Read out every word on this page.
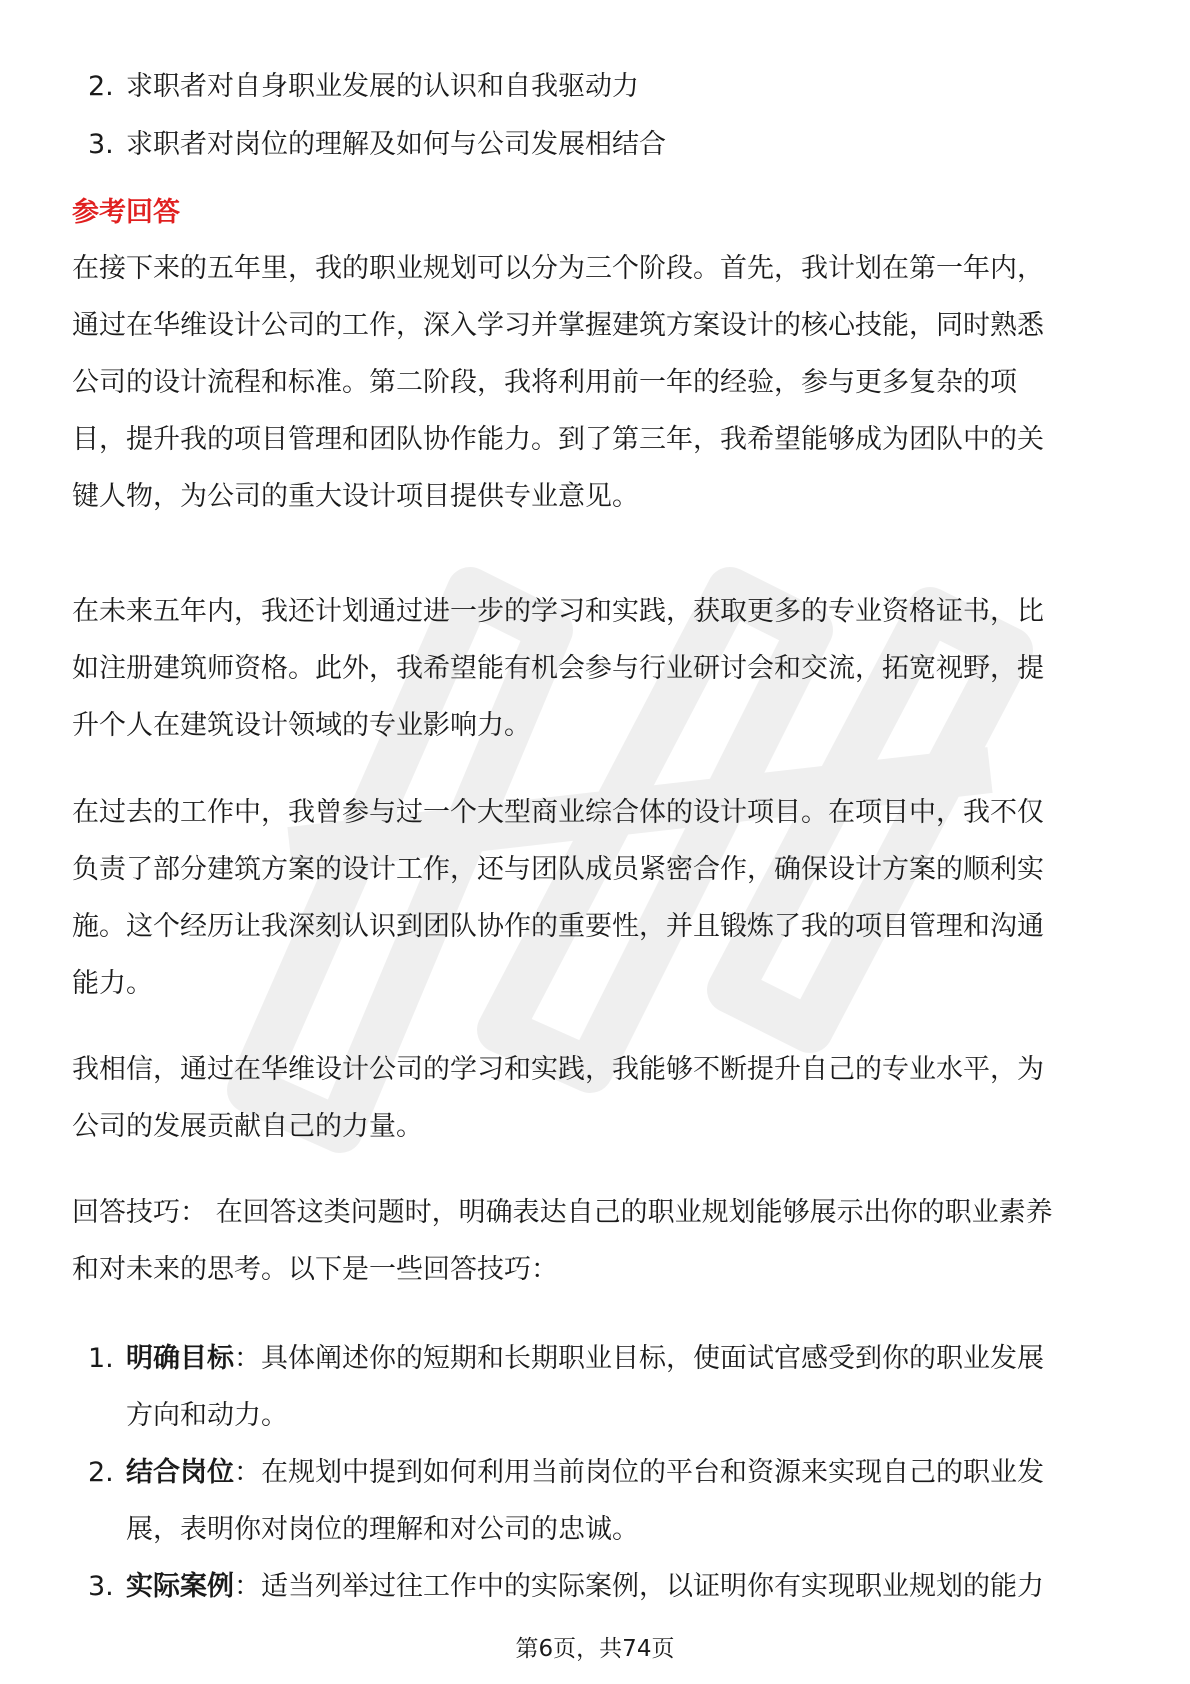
2. 求职者对自身职业发展的认识和自我驱动力
3. 求职者对岗位的理解及如何与公司发展相结合
参考回答

在接下来的五年里，我的职业规划可以分为三个阶段。首先，我计划在第一年内，
通过在华维设计公司的工作，深入学习并掌握建筑方案设计的核心技能，同时熟悉
公司的设计流程和标准。第二阶段，我将利用前一年的经验，参与更多复杂的项
目，提升我的项目管理和团队协作能力。到了第三年，我希望能够成为团队中的关
键人物，为公司的重大设计项目提供专业意见。

在未来五年内，我还计划通过进一步的学习和实践，获取更多的专业资格证书，比
如注册建筑师资格。此外，我希望能有机会参与行业研讨会和交流，拓宽视野，提
升个人在建筑设计领域的专业影响力。

在过去的工作中，我曾参与过一个大型商业综合体的设计项目。在项目中，我不仅
负责了部分建筑方案的设计工作，还与团队成员紧密合作，确保设计方案的顺利实
施。这个经历让我深刻认识到团队协作的重要性，并且锻炼了我的项目管理和沟通
能力。

我相信，通过在华维设计公司的学习和实践，我能够不断提升自己的专业水平，为
公司的发展贡献自己的力量。

回答技巧： 在回答这类问题时，明确表达自己的职业规划能够展示出你的职业素养
和对未来的思考。以下是一些回答技巧：

1. 明确目标：具体阐述你的短期和长期职业目标，使面试官感受到你的职业发展
方向和动力。
2. 结合岗位：在规划中提到如何利用当前岗位的平台和资源来实现自己的职业发
展，表明你对岗位的理解和对公司的忠诚。
3. 实际案例：适当列举过往工作中的实际案例，以证明你有实现职业规划的能力
第6页，共74页
